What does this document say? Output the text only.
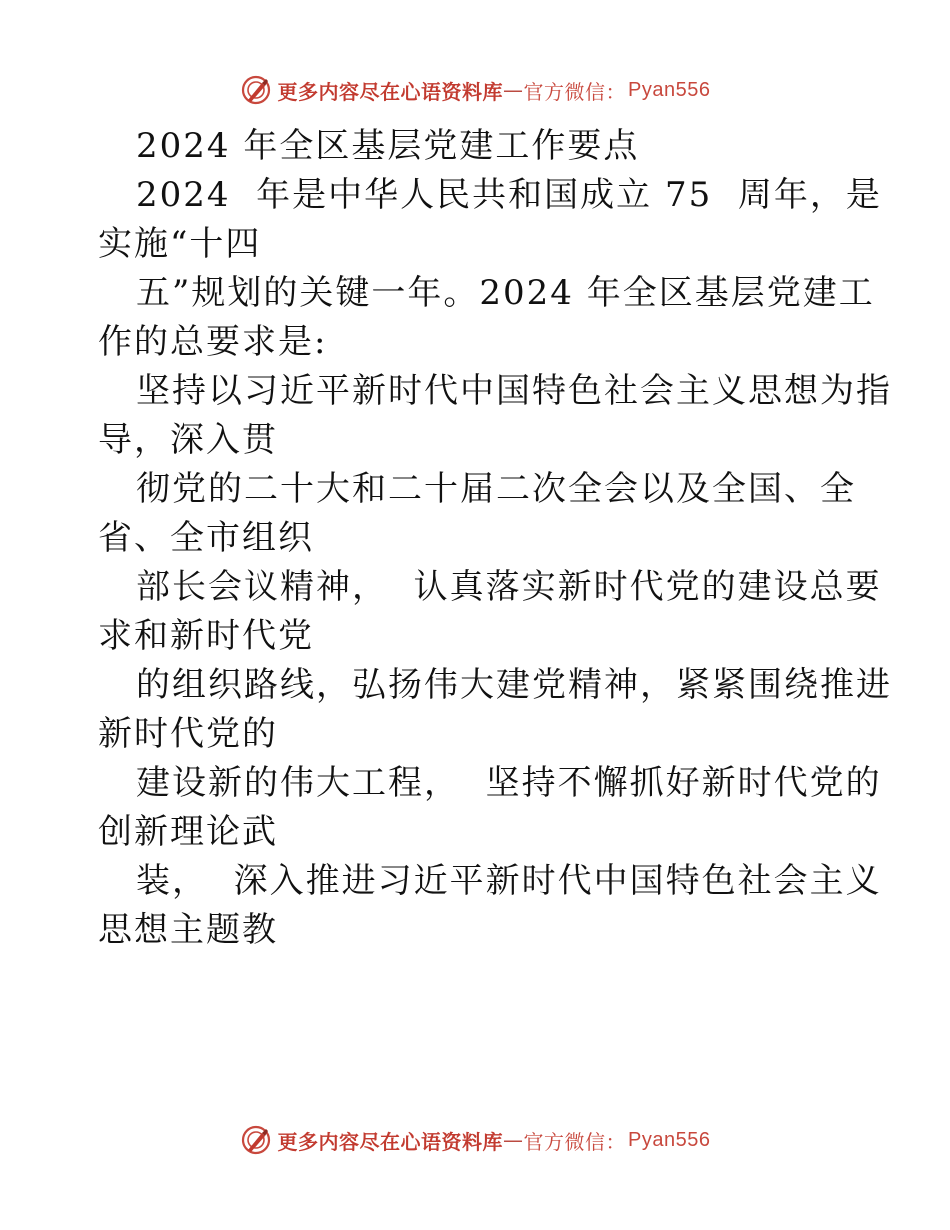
更多内容尽在心语资料库 — 官方微信： Pyan556
2024 年全区基层党建工作要点
2024  年是中华人民共和国成立 75  周年，是
实施“十四
五”规划的关键一年。2024 年全区基层党建工
作的总要求是:
坚持以习近平新时代中国特色社会主义思想为指
导，深入贯
彻党的二十大和二十届二次全会以及全国、全
省、全市组织
部长会议精神，  认真落实新时代党的建设总要
求和新时代党
的组织路线，弘扬伟大建党精神，紧紧围绕推进
新时代党的
建设新的伟大工程，  坚持不懈抓好新时代党的
创新理论武
装，  深入推进习近平新时代中国特色社会主义
思想主题教
更多内容尽在心语资料库 — 官方微信： Pyan556
